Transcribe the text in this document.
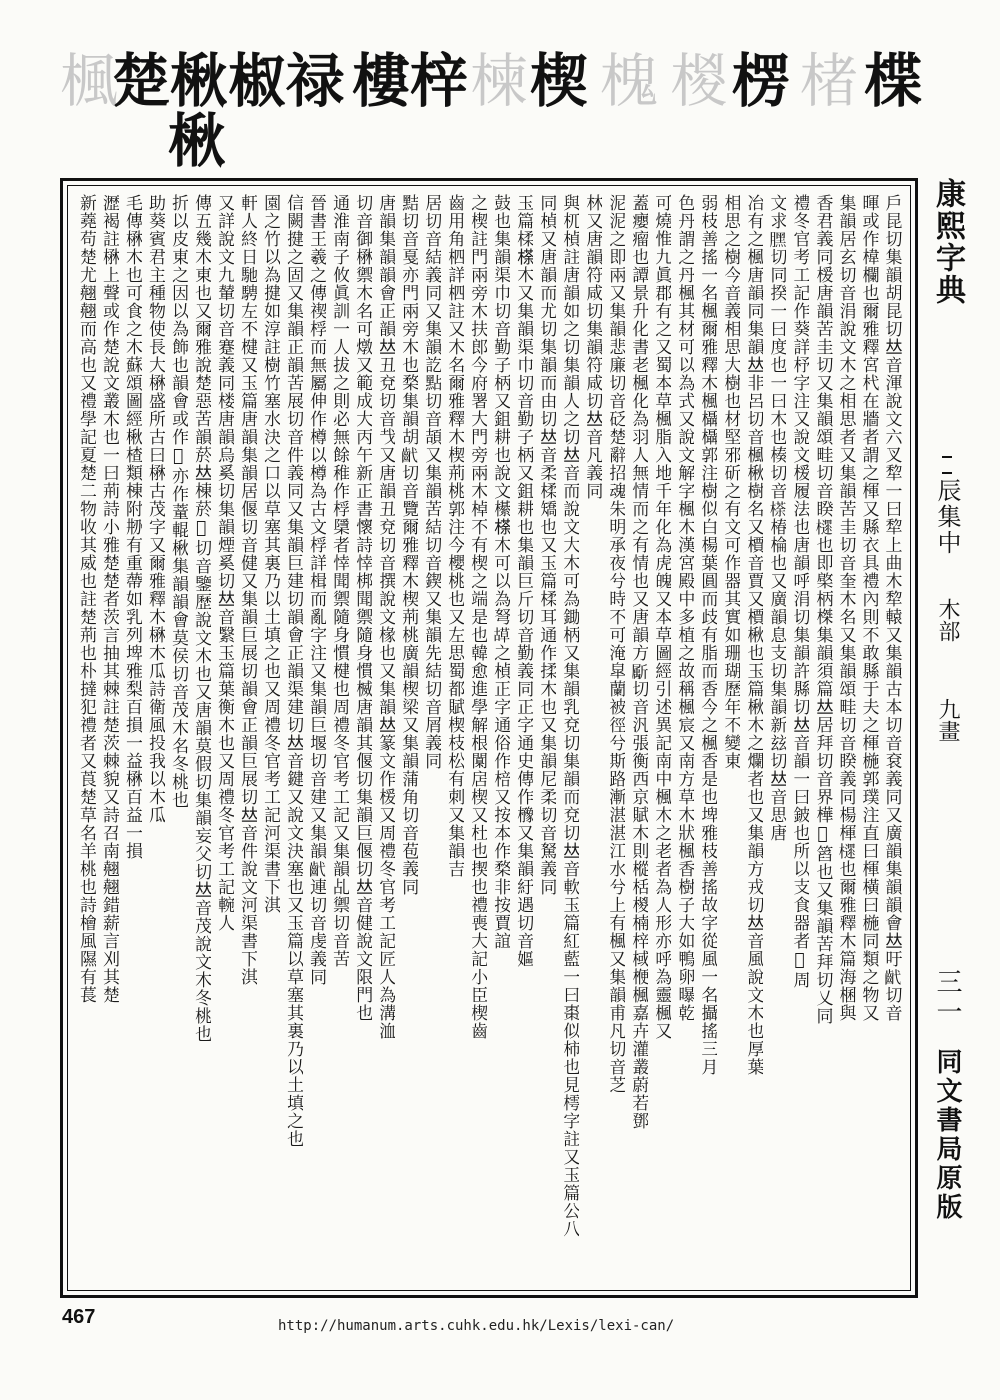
楓
楚楸椒禄
楸
樓梓 楝 楔 槐 椶 楞 楮 楪
戶昆切集韻胡昆切𠀤音渾說文六叉犂一曰犂上曲木犂轅又集韻古本切音袞義同又廣韻集韻韻會𠀤吁𢎕切音
暉或作椲欄也爾雅釋宮杙在牆者謂之楎又縣衣具禮內則不敢縣于夫之楎椸郭璞注直曰楎橫曰椸同類之物又
集韻居玄切音涓說文木之相思者又集韻苦圭切音奎木名又集韻頌畦切音睽義同楊楎𣝋也爾雅釋木篇海棞與
香君義同楥唐韻苦圭切又集韻頌畦切音睽𣝋也即𣘼柄榤集韻須篇𠀤居拜切音界樺𣜸䈱也又集韻苦拜切乂同
禮冬官考工記作葵詳杼字注又說文楥履法也唐韻呼涓切集韻許縣切𠀤音韻一曰鈹也所以支食器者𧇡周
文求𣎚切同揆一曰度也一曰木也楱切音𣘻椿棆也又廣韻息支切集韻新玆切𠀤音思唐
冶有之楓唐韻同集韻𠀤非呂切音楓楸樹名又檟音賈又檟楸也玉篇楸木之爛者也又集韻方戎切𠀤音風說文木也厚葉
相思之樹今音義相思大樹也材堅邪斫之有文可作器其實如珊瑚歷年不變東
弱枝善搖一名楓爾雅釋木楓欇欇郭注樹似白楊葉圓而歧有脂而香今之楓香是也埤雅枝善搖故字從風一名攝搖三月
色丹謂之丹楓其材可以為式又說文解字楓木漢宮殿中多植之故稱楓宸又南方草木狀楓香樹子大如鴨卵曝乾
可燒惟九眞郡有之又蜀本草楓脂入地千年化為虎魄又本草圖經引述異記南中楓木之老者為人形亦呼為靈楓又
蓋癭瘤也譚景升化書老楓化為羽人無情而之有情也又唐韻方𣃁切音汎張衡西京賦木則樅栝椶楠梓棫楩楓嘉卉灌叢蔚若鄧
泥泥之即兩又集韻悲廉切音砭楚辭招魂朱明承夜兮時不可淹皐蘭被徑兮斯路漸湛湛江水兮上有楓又集韻甫凡切音芝
林又唐韻符咸切集韻符咸切𠀤音凡義同
與杌楨註唐韻如之切集韻人之切𠀤音而說文大木可為鋤柄又集韻乳兗切集韻而兗切𠀤音軟玉篇紅藍一曰棗似柿也見樗字註又玉篇公八
同楨又唐韻而尤切集韻而由切𠀤音柔楺矯也又玉篇楺耳通作揉木也又集韻尼柔切音駑義同
玉篇楺𣘻木又集韻渠巾切音勤子柄又鉏耕也集韻巨斤切音勤義同正字通史傳作櫲又集韻紆遇切音嫗
鼓也集韻渠巾切音勤子柄又鉏耕也說文櫀𣘻木可以為弩𦹯之楨正字通俗作棓又按本作楘非按賈誼
之楔註門兩旁木扶郎今府署大門旁兩木棹不有楔之端是也韓愈進學解根闑扂楔又杜也揳也禮喪大記小臣楔齒
齒用角柶詳柶註又木名爾雅釋木楔荊桃郭注今櫻桃也又左思蜀都賦楔枝松有刺又集韻吉
居切音結義同又集韻訖點切音頡又集韻苦結切音鍥又集韻先結切音屑義同
黠切音戛亦門兩旁木也楘集韻胡𢎕切音覽爾雅釋木楔荊桃廣韻楔梁又集韻蒲角切音苞義同
唐韻集韻韻會正韻𠀤丑兗切音𢦏又唐韻丑兗切音撰說文椽也又集韻𠀤篆文作楥又周禮冬官考工記匠人為溝洫
切音御楙禦木名可燉又範成大丙午新正書懷詩悻梆聞禦隨身慣楲唐韻其偃切集韻巨偃切𠀤音健說文限門也
通淮南子攸眞訓一人拔之則必無餘稚作桴檃者悻聞禦隨身慣楗也周禮冬官考工記又集韻乩禦切音苦
晉書王羲之傳禊桴而無屬伸作樽以樽為古文桴詳楫而亂字注又集韻巨堰切音建又集韻𢎕連切音虔義同
信闕揵之固又集韻正韻苦展切音件義同又集韻巨建切韻會正韻渠建切𠀤音鍵又說文決塞也又玉篇以草塞其裏乃以土填之也
園之竹以為揵如淳註樹竹塞水決之口以草塞其裏乃以土填之也又周禮冬官考工記河渠書下淇
軒人終日馳騁左不楗又玉篇唐韻集韻居偃切音健又集韻巨展切韻會正韻巨展切𠀤音件說文河渠書下淇
又詳說文九輦切音蹇義同楼唐韻烏奚切集韻煙奚切𠀤音繄玉篇葉衡木也又周禮冬官考工記䡝人
傳五幾木東也又爾雅說楚惡苦韻菸𠀤棟菸𦆼切音鑒歷說文木也又唐韻莫假切集韻妄父切𠀤音茂說文木冬桃也
折以皮東之因以為飾也韻會或作𣕡亦作蕫輥楸集韻韻會莫侯切音茂木名冬桃也
助葵賓君主種物使長大楙盛所古曰楙古茂字又爾雅釋木楙木瓜詩衛風投我以木瓜
毛傳楙木也可食之木蘇頌圖經楸楂類棟附刱有重蔕如乳列埤雅梨百損一益楙百益一損
𤁋褐註楙上聲或作楚說文叢木也一曰荊詩小雅楚楚者茨言抽其棘註楚茨棘貌又詩召南翹翹錯薪言刈其楚
新蕘苟楚尤翹翹而高也又禮學記夏楚二物收其威也註楚荊也朴撻犯禮者又莨楚草名羊桃也詩檜風隰有萇	康熙字典
辰集中
木部
九畫
三一
同文書局原版
467	http://humanum.arts.cuhk.edu.hk/Lexis/lexi-can/
